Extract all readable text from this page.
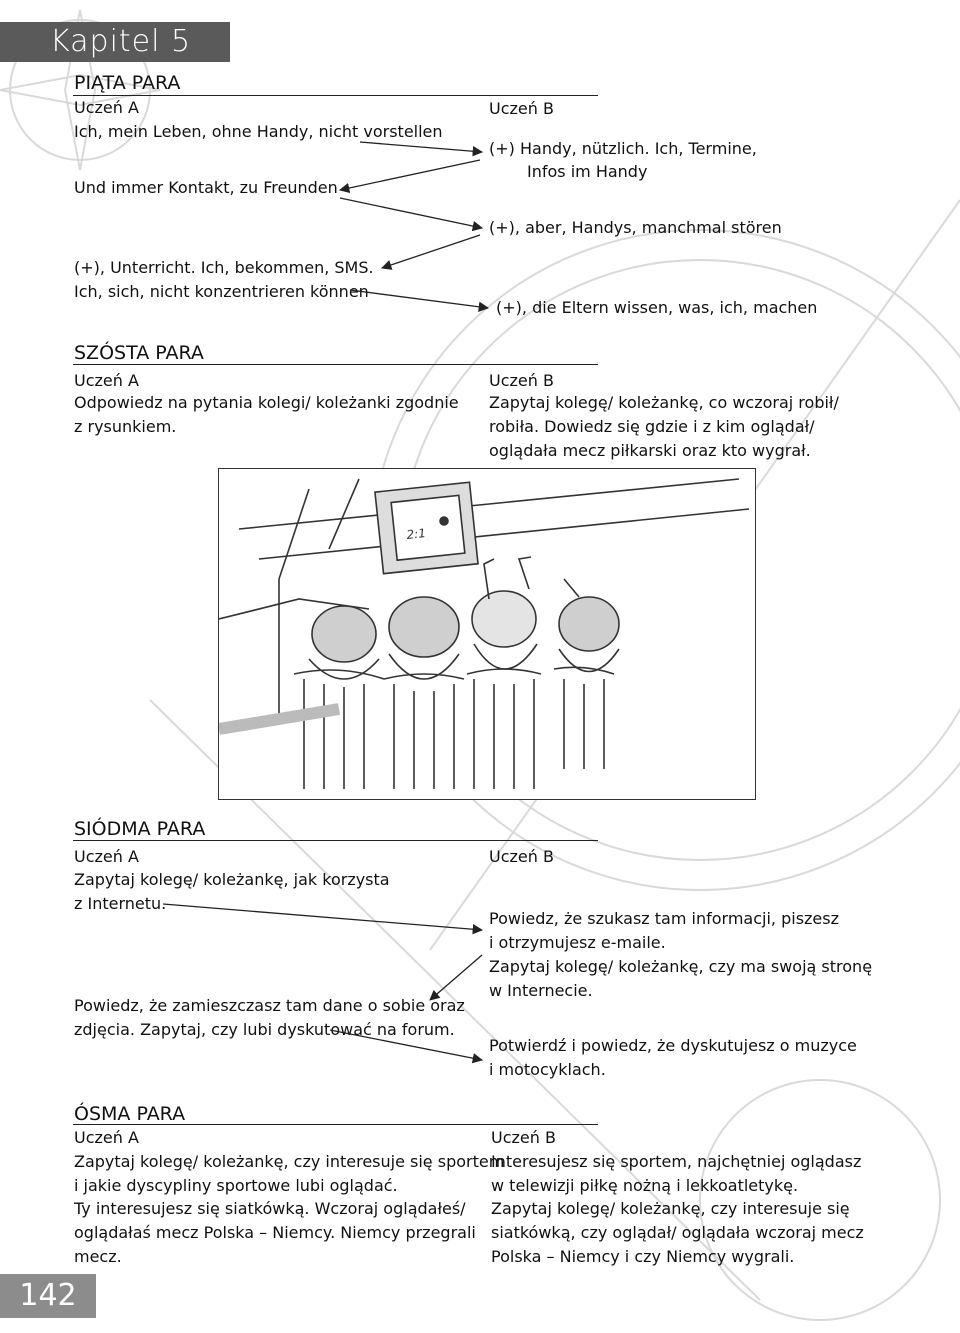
Kapitel 5
PIĄTA PARA
Uczeń A	Uczeń B
Ich, mein Leben, ohne Handy, nicht vorstellen
(+) Handy, nützlich. Ich, Termine,
Infos im Handy
Und immer Kontakt, zu Freunden
(+), aber, Handys, manchmal stören
(+), Unterricht. Ich, bekommen, SMS.
Ich, sich, nicht konzentrieren können
(+), die Eltern wissen, was, ich, machen
SZÓSTA PARA
Uczeń A	Uczeń B
Odpowiedz na pytania kolegi/ koleżanki zgodnie
z rysunkiem.
Zapytaj kolegę/ koleżankę, co wczoraj robił/
robiła. Dowiedz się gdzie i z kim oglądał/
oglądała mecz piłkarski oraz kto wygrał.
2:1
SIÓDMA PARA
Uczeń A	Uczeń B
Zapytaj kolegę/ koleżankę, jak korzysta
z Internetu.
Powiedz, że szukasz tam informacji, piszesz
i otrzymujesz e-maile.
Zapytaj kolegę/ koleżankę, czy ma swoją stronę
w Internecie.
Powiedz, że zamieszczasz tam dane o sobie oraz
zdjęcia. Zapytaj, czy lubi dyskutować na forum.
Potwierdź i powiedz, że dyskutujesz o muzyce
i motocyklach.
ÓSMA PARA
Uczeń A	Uczeń B
Zapytaj kolegę/ koleżankę, czy interesuje się sportem
i jakie dyscypliny sportowe lubi oglądać.
Ty interesujesz się siatkówką. Wczoraj oglądałeś/
oglądałaś mecz Polska – Niemcy. Niemcy przegrali
mecz.
Interesujesz się sportem, najchętniej oglądasz
w telewizji piłkę nożną i lekkoatletykę.
Zapytaj kolegę/ koleżankę, czy interesuje się
siatkówką, czy oglądał/ oglądała wczoraj mecz
Polska – Niemcy i czy Niemcy wygrali.
142
